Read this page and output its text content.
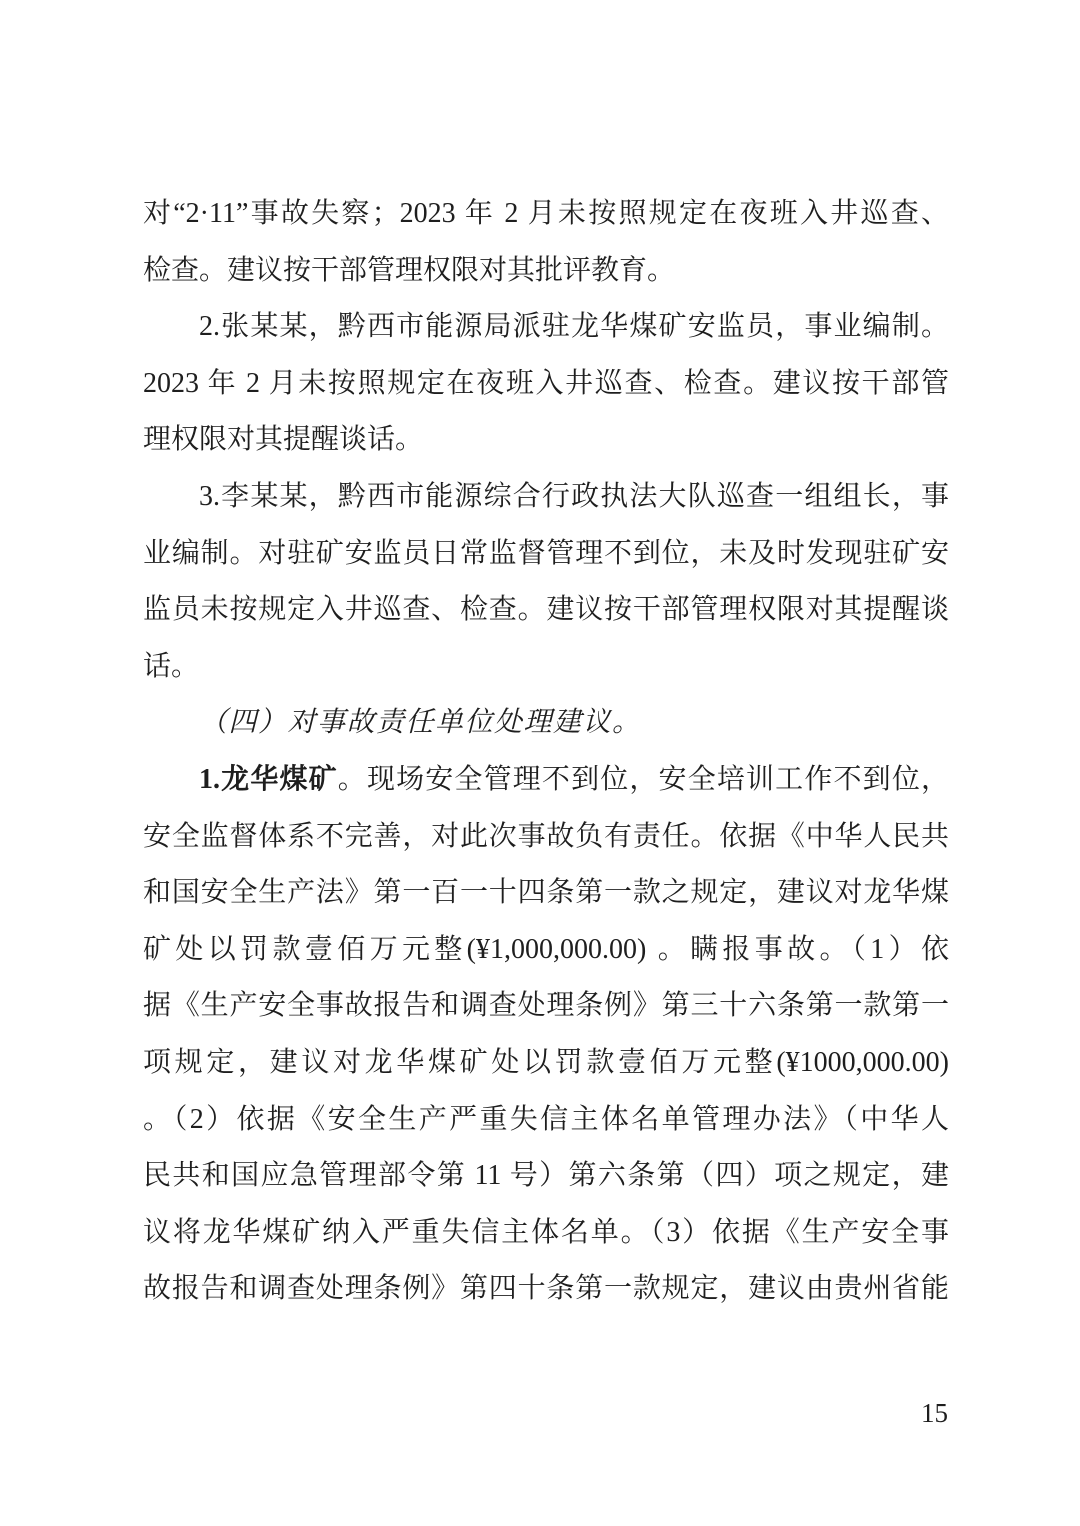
对“2·11”事故失察；2023 年 2 月未按照规定在夜班入井巡查、
检查。建议按干部管理权限对其批评教育。
2.张某某，黔西市能源局派驻龙华煤矿安监员，事业编制。
2023 年 2 月未按照规定在夜班入井巡查、检查。建议按干部管
理权限对其提醒谈话。
3.李某某，黔西市能源综合行政执法大队巡查一组组长，事
业编制。对驻矿安监员日常监督管理不到位，未及时发现驻矿安
监员未按规定入井巡查、检查。建议按干部管理权限对其提醒谈
话。
（四）对事故责任单位处理建议。
1.龙华煤矿。现场安全管理不到位，安全培训工作不到位，
安全监督体系不完善，对此次事故负有责任。依据《中华人民共
和国安全生产法》第一百一十四条第一款之规定，建议对龙华煤
矿处以罚款壹佰万元整(¥1,000,000.00) 。瞒报事故。（1）依
据《生产安全事故报告和调查处理条例》第三十六条第一款第一
项规定，建议对龙华煤矿处以罚款壹佰万元整(¥1000,000.00)
。（2）依据《安全生产严重失信主体名单管理办法》（中华人
民共和国应急管理部令第 11 号）第六条第（四）项之规定，建
议将龙华煤矿纳入严重失信主体名单。（3）依据《生产安全事
故报告和调查处理条例》第四十条第一款规定，建议由贵州省能
15
